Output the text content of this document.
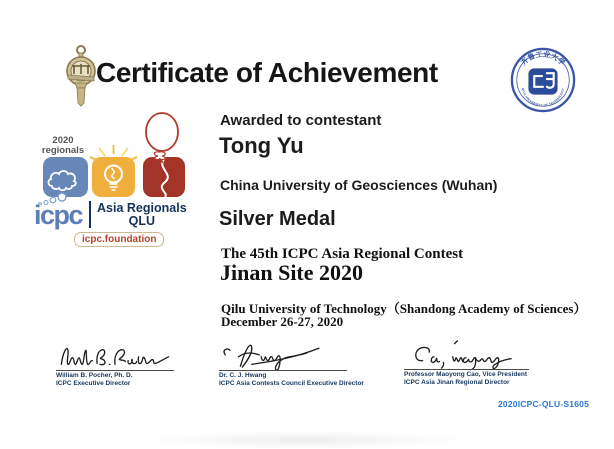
Certificate of Achievement	齐鲁工业大学
QILU UNIVERSITY OF TECHNOLOGY
2020
regionals
icpc Asia Regionals
QLU
icpc.foundation
Awarded to contestant
Tong Yu
China University of Geosciences (Wuhan)
Silver Medal
The 45th ICPC Asia Regional Contest
Jinan Site 2020
Qilu University of Technology（Shandong Academy of Sciences）
December 26-27, 2020
William B. Pocher, Ph. D.
ICPC Executive Director
Dr. C. J. Hwang
ICPC Asia Contests Council Executive Director
Professor Maoyong Cao, Vice President
ICPC Asia Jinan Regional Director
2020ICPC-QLU-S1605
